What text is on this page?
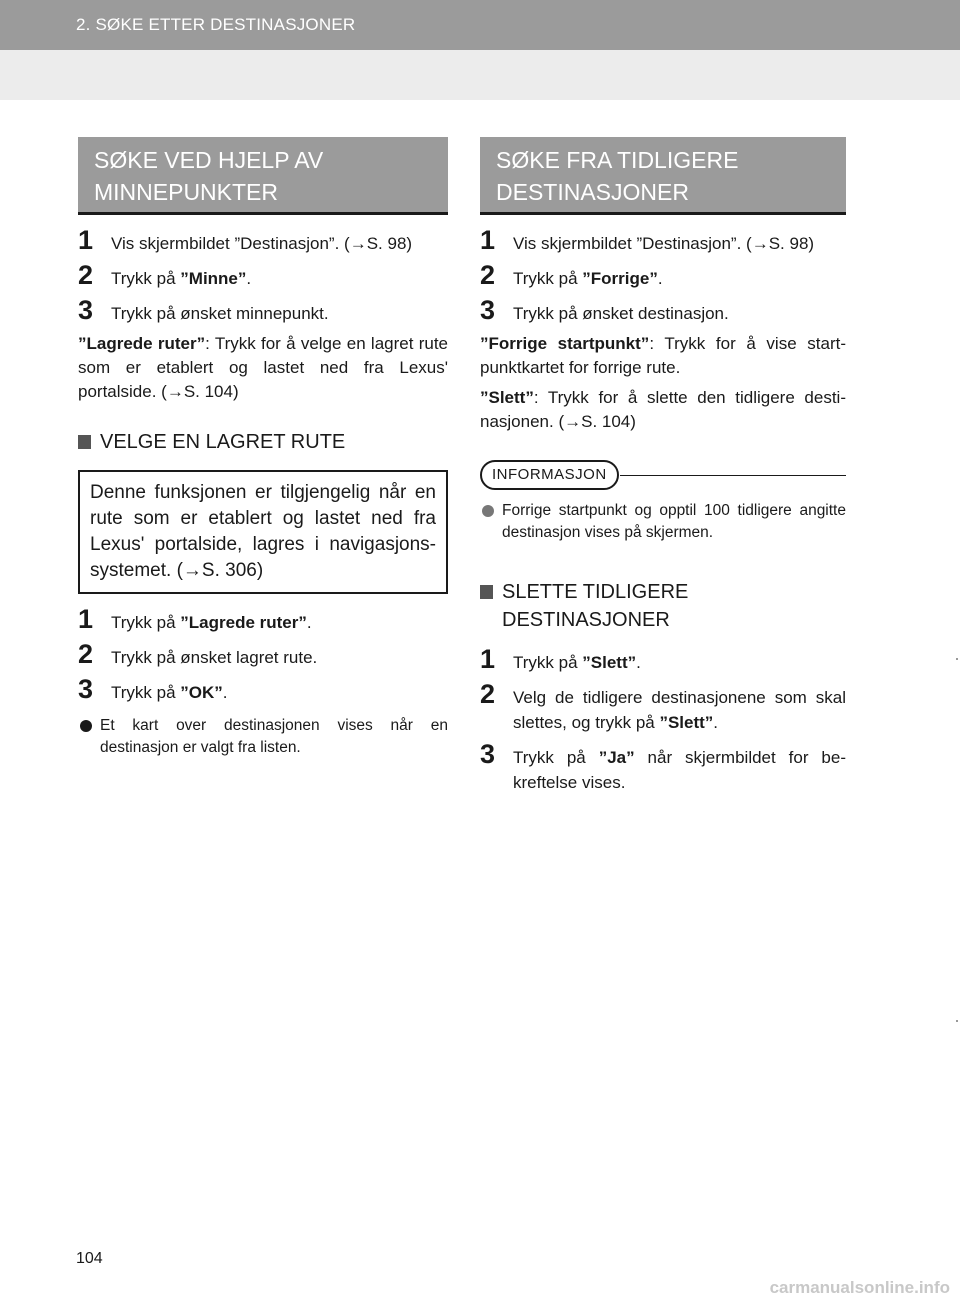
2. SØKE ETTER DESTINASJONER
SØKE VED HJELP AV
MINNEPUNKTER
1 Vis skjermbildet ”Destinasjon”. (→S. 98)
2 Trykk på ”Minne”.
3 Trykk på ønsket minnepunkt.
”Lagrede ruter”: Trykk for å velge en lagret rute som er etablert og lastet ned fra Lexus' portalside. (→S. 104)
VELGE EN LAGRET RUTE
Denne funksjonen er tilgjengelig når en rute som er etablert og lastet ned fra Lexus' portalside, lagres i navigasjons-systemet. (→S. 306)
1 Trykk på ”Lagrede ruter”.
2 Trykk på ønsket lagret rute.
3 Trykk på ”OK”.
Et kart over destinasjonen vises når en destinasjon er valgt fra listen.
SØKE FRA TIDLIGERE
DESTINASJONER
1 Vis skjermbildet ”Destinasjon”. (→S. 98)
2 Trykk på ”Forrige”.
3 Trykk på ønsket destinasjon.
”Forrige startpunkt”: Trykk for å vise start-punktkartet for forrige rute.
”Slett”: Trykk for å slette den tidligere desti-nasjonen. (→S. 104)
INFORMASJON
Forrige startpunkt og opptil 100 tidligere angitte destinasjon vises på skjermen.
SLETTE TIDLIGERE
DESTINASJONER
1 Trykk på ”Slett”.
2 Velg de tidligere destinasjonene som skal slettes, og trykk på ”Slett”.
3 Trykk på ”Ja” når skjermbildet for be-kreftelse vises.
104
carmanualsonline.info
